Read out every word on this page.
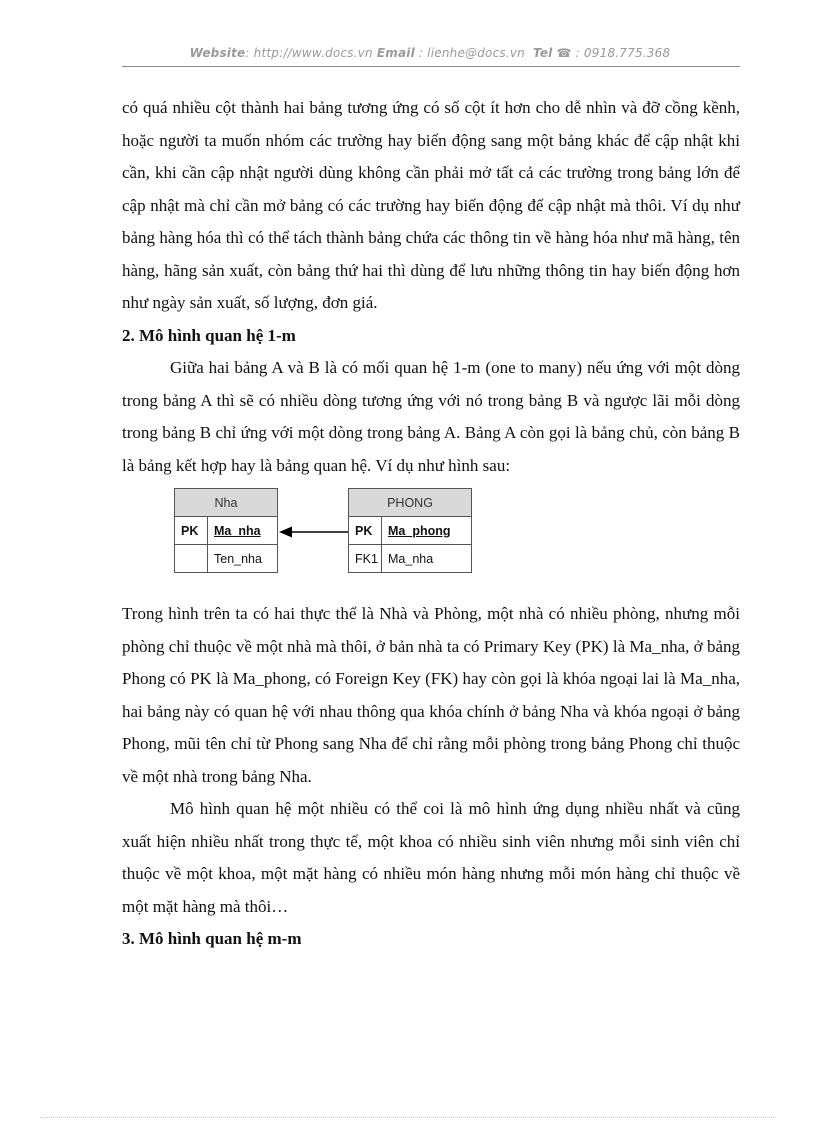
Website: http://www.docs.vn Email : lienhe@docs.vn Tel ☎ : 0918.775.368

có quá nhiều cột thành hai bảng tương ứng có số cột ít hơn cho dễ nhìn và đỡ cồng kềnh, hoặc người ta muốn nhóm các trường hay biến động sang một bảng khác để cập nhật khi cần, khi cần cập nhật người dùng không cần phải mở tất cả các trường trong bảng lớn để cập nhật mà chỉ cần mở bảng có các trường hay biến động để cập nhật mà thôi. Ví dụ như bảng hàng hóa thì có thể tách thành bảng chứa các thông tin về hàng hóa như mã hàng, tên hàng, hãng sản xuất, còn bảng thứ hai thì dùng để lưu những thông tin hay biến động hơn như ngày sản xuất, số lượng, đơn giá.

2. Mô hình quan hệ 1-m

Giữa hai bảng A và B là có mối quan hệ 1-m (one to many) nếu ứng với một dòng trong bảng A thì sẽ có nhiều dòng tương ứng với nó trong bảng B và ngược lãi mỗi dòng trong bảng B chỉ ứng với một dòng trong bảng A. Bảng A còn gọi là bảng chủ, còn bảng B là bảng kết hợp hay là bảng quan hệ. Ví dụ như hình sau:

Nha	
PK	Ma_nha
	Ten_nha
PHONG	
PK	Ma_phong
FK1	Ma_nha

Trong hình trên ta có hai thực thể là Nhà và Phòng, một nhà có nhiều phòng, nhưng mỗi phòng chỉ thuộc về một nhà mà thôi, ở bản nhà ta có Primary Key (PK) là Ma_nha, ở bảng Phong có PK là Ma_phong, có Foreign Key (FK) hay còn gọi là khóa ngoại lai là Ma_nha, hai bảng này có quan hệ với nhau thông qua khóa chính ở bảng Nha và khóa ngoại ở bảng Phong, mũi tên chỉ từ Phong sang Nha để chỉ rằng mỗi phòng trong bảng Phong chỉ thuộc về một nhà trong bảng Nha.

Mô hình quan hệ một nhiều có thể coi là mô hình ứng dụng nhiều nhất và cũng xuất hiện nhiều nhất trong thực tế, một khoa có nhiều sinh viên nhưng mỗi sinh viên chỉ thuộc về một khoa, một mặt hàng có nhiều món hàng nhưng mỗi món hàng chỉ thuộc về một mặt hàng mà thôi…

3. Mô hình quan hệ m-m
